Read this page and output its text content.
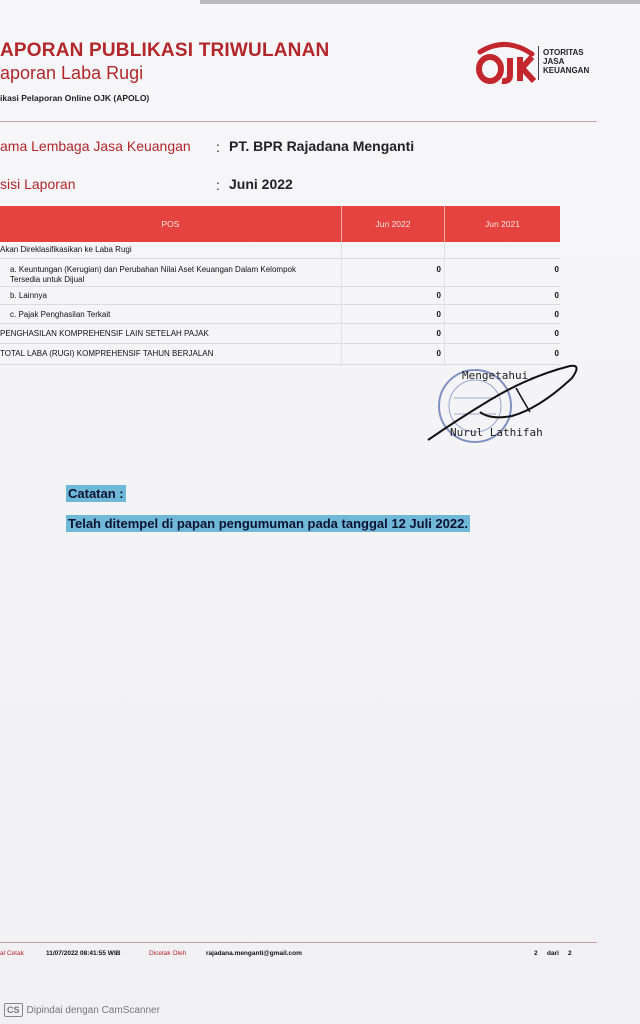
APORAN PUBLIKASI TRIWULANAN
aporan Laba Rugi
ikasi Pelaporan Online OJK (APOLO)
OTORITAS
JASA
KEUANGAN
ama Lembaga Jasa Keuangan : PT. BPR Rajadana Menganti
sisi Laporan	: Juni 2022
POS	Jun 2022	Jun 2021
Akan Direklasifikasikan ke Laba Rugi
a. Keuntungan (Kerugian) dan Perubahan Nilai Aset Keuangan Dalam Kelompok	0	0
Tersedia untuk Dijual
b. Lainnya	0	0
c. Pajak Penghasilan Terkait	0	0
PENGHASILAN KOMPREHENSIF LAIN SETELAH PAJAK	0	0
TOTAL LABA (RUGI) KOMPREHENSIF TAHUN BERJALAN	0	0
Mengetahui,
Nurul Lathifah
Catatan :
Telah ditempel di papan pengumuman pada tanggal 12 Juli 2022.
al Cetak	11/07/2022 08:41:55 WIB	Dicetak Oleh	rajadana.menganti@gmail.com	2 dari 2
CS Dipindai dengan CamScanner
